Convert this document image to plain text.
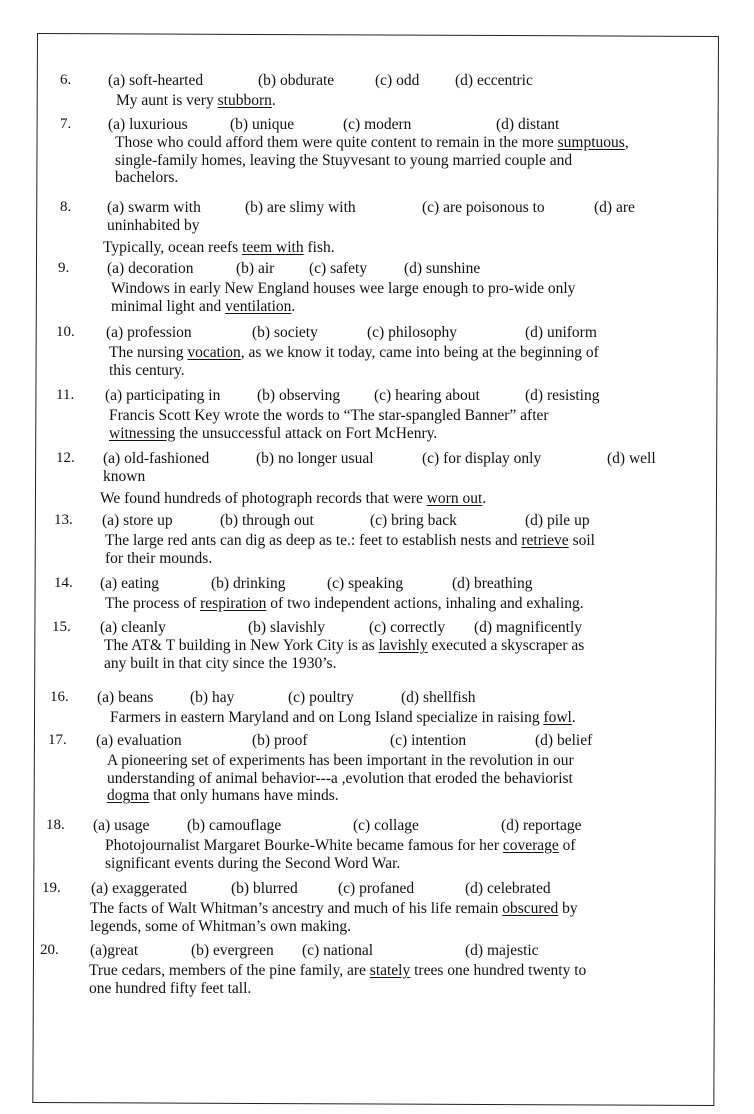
6. (a) soft-hearted	(b) obdurate	(c) odd (d) eccentric
My aunt is very stubborn.
7. (a) luxurious	(b) unique	(c) modern	(d) distant
Those who could afford them were quite content to remain in the more sumptuous,
single-family homes, leaving the Stuyvesant to young married couple and
bachelors.
8. (a) swarm with	(b) are slimy with	(c) are poisonous to	(d) are uninhabited by
Typically, ocean reefs teem with fish.
9. (a) decoration	(b) air (c) safety (d) sunshine
Windows in early New England houses wee large enough to pro-wide only
minimal light and ventilation.
10. (a) profession	(b) society	(c) philosophy	(d) uniform
The nursing vocation, as we know it today, came into being at the beginning of
this century.
11. (a) participating in (b) observing (c) hearing about	(d) resisting
Francis Scott Key wrote the words to “The star-spangled Banner” after
witnessing the unsuccessful attack on Fort McHenry.
12. (a) old-fashioned	(b) no longer usual	(c) for display only	(d) well known
We found hundreds of photograph records that were worn out.
13. (a) store up	(b) through out	(c) bring back	(d) pile up
The large red ants can dig as deep as te.: feet to establish nests and retrieve soil
for their mounds.
14. (a) eating	(b) drinking	(c) speaking	(d) breathing
The process of respiration of two independent actions, inhaling and exhaling.
15. (a) cleanly	(b) slavishly	(c) correctly (d) magnificently
The AT& T building in New York City is as lavishly executed a skyscraper as
any built in that city since the 1930’s.
16. (a) beans (b) hay	(c) poultry	(d) shellfish
Farmers in eastern Maryland and on Long Island specialize in raising fowl.
17. (a) evaluation	(b) proof	(c) intention	(d) belief
A pioneering set of experiments has been important in the revolution in our
understanding of animal behavior---a ,evolution that eroded the behaviorist
dogma that only humans have minds.
18. (a) usage (b) camouflage	(c) collage	(d) reportage
Photojournalist Margaret Bourke-White became famous for her coverage of
significant events during the Second Word War.
19. (a) exaggerated	(b) blurred	(c) profaned	(d) celebrated
The facts of Walt Whitman’s ancestry and much of his life remain obscured by
legends, some of Whitman’s own making.
20. (a)great	(b) evergreen (c) national	(d) majestic
True cedars, members of the pine family, are stately trees one hundred twenty to
one hundred fifty feet tall.
